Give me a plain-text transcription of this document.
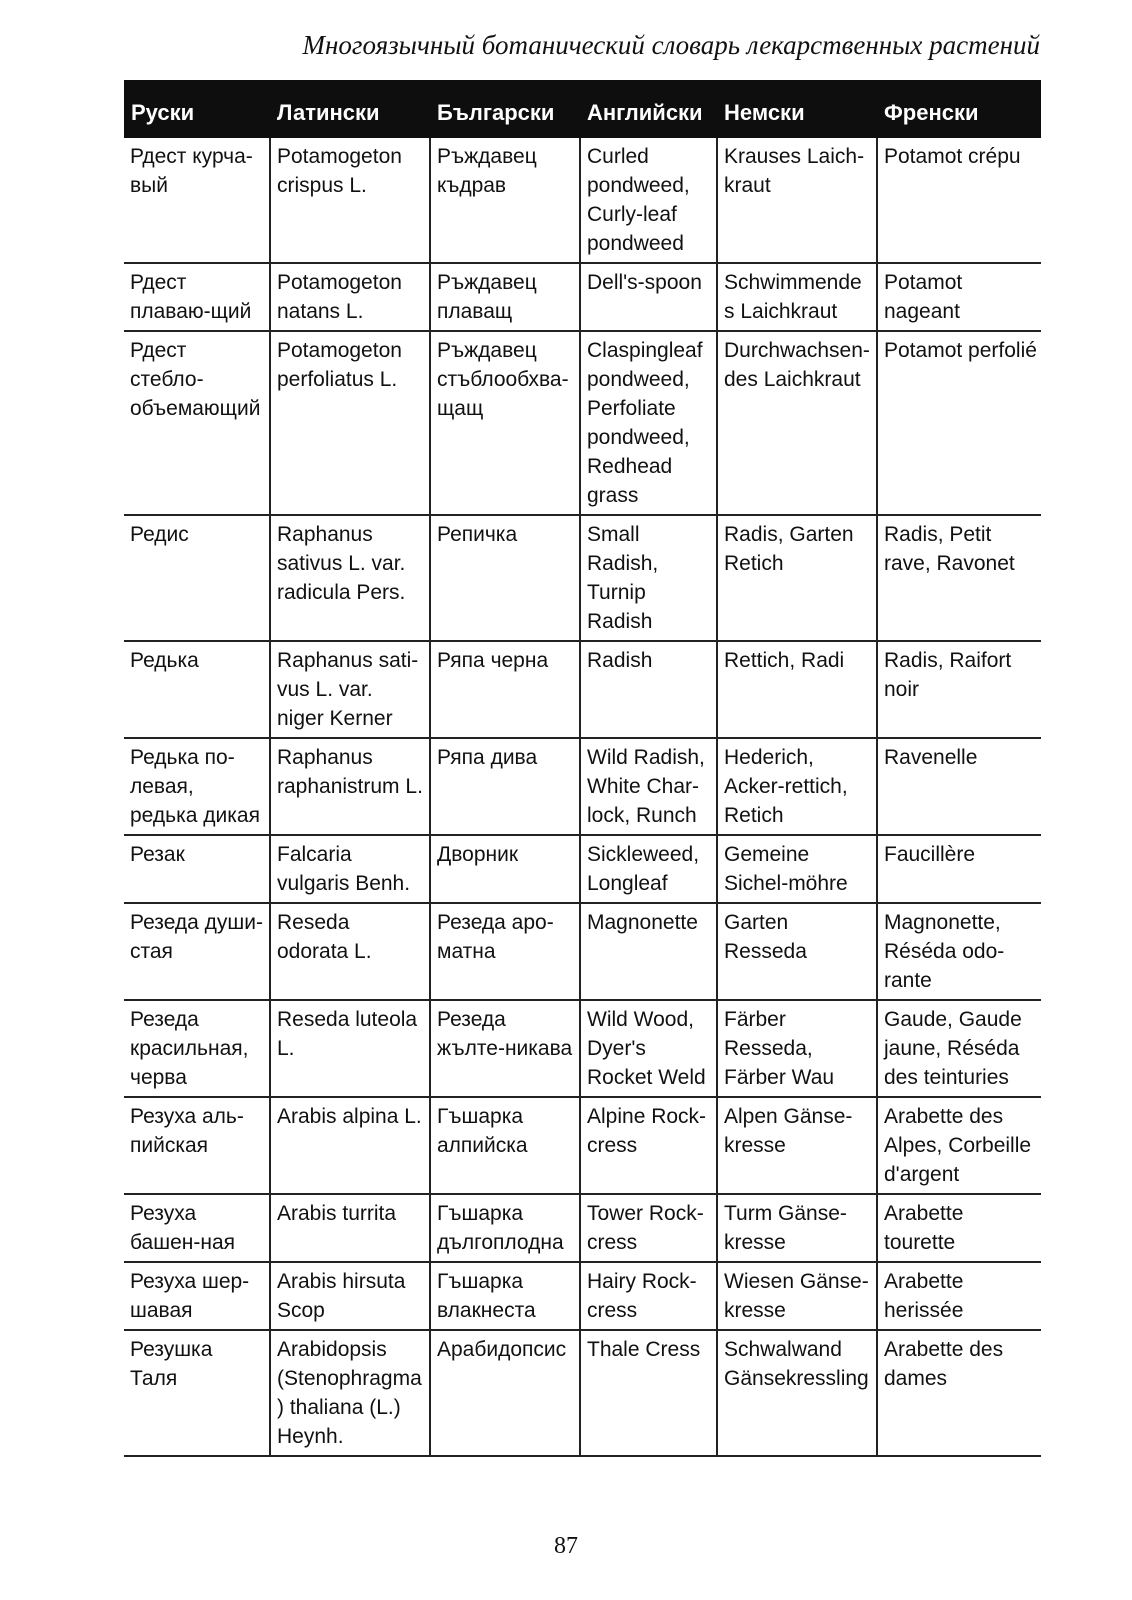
Многоязычный ботанический словарь лекарственных растений
Руски	Латински	Български	Английски	Немски	Френски
Рдест курча-вый	Potamogeton crispus L.	Ръждавец къдрав	Curled pondweed, Curly-leaf pondweed	Krauses Laich-kraut	Potamot crépu
Рдест плаваю-щий	Potamogeton natans L.	Ръждавец плаващ	Dell's-spoon	Schwimmendes Laichkraut	Potamot nageant
Рдест стебло-объемающий	Potamogeton perfoliatus L.	Ръждавец стъблообхва-щащ	Claspingleaf pondweed, Perfoliate pondweed, Redhead grass	Durchwachsen-des Laichkraut	Potamot perfolié
Редис	Raphanus sativus L. var. radicula Pers.	Репичка	Small Radish, Turnip Radish	Radis, Garten Retich	Radis, Petit rave, Ravonet
Редька	Raphanus sati-vus L. var. niger Kerner	Ряпа черна	Radish	Rettich, Radi	Radis, Raifort noir
Редька по-левая, редька дикая	Raphanus raphanistrum L.	Ряпа дива	Wild Radish, White Char-lock, Runch	Hederich, Acker-rettich, Retich	Ravenelle
Резак	Falcaria vulgaris Benh.	Дворник	Sickleweed, Longleaf	Gemeine Sichel-möhre	Faucillère
Резеда души-стая	Reseda odorata L.	Резеда аро-матна	Magnonette	Garten Resseda	Magnonette, Réséda odo-rante
Резеда красильная, черва	Reseda luteola L.	Резеда жълте-никава	Wild Wood, Dyer's Rocket Weld	Färber Resseda, Färber Wau	Gaude, Gaude jaune, Réséda des teinturies
Резуха аль-пийская	Arabis alpina L.	Гъшарка алпийска	Alpine Rock-cress	Alpen Gänse-kresse	Arabette des Alpes, Corbeille d'argent
Резуха башен-ная	Arabis turrita	Гъшарка дългоплодна	Tower Rock-cress	Turm Gänse-kresse	Arabette tourette
Резуха шер-шавая	Arabis hirsuta Scop	Гъшарка влакнеста	Hairy Rock-cress	Wiesen Gänse-kresse	Arabette herissée
Резушка Таля	Arabidopsis (Stenophragma) thaliana (L.) Heynh.	Арабидопсис	Thale Cress	Schwalwand Gänsekressling	Arabette des dames
87
